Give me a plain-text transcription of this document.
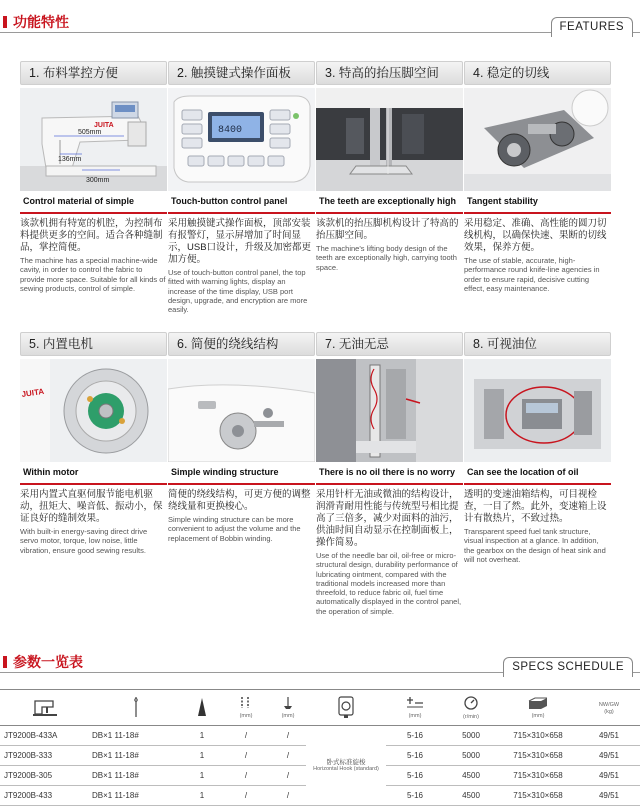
功能特性	FEATURES
1. 布料掌控方便
505mm
136mm
300mm
JUITA
Control material of simple
该款机拥有特宽的机腔，为控制布料提供更多的空间。适合各种缝制品，掌控简便。
The machine has a special machine-wide cavity, in order to control the fabric to provide more space. Suitable for all kinds of sewing products, control of simple.
2. 触摸键式操作面板
8400
Touch-button control panel
采用触摸键式操作面板，顶部安装有报警灯，显示屏增加了时间显示，USB口设计，升级及加密都更加方便。
Use of touch-button control panel, the top fitted with warning lights, display an increase of the time display, USB port design, upgrade, and encryption are more easily.
3. 特高的抬压脚空间
The teeth are exceptionally high
该款机的抬压脚机构设计了特高的抬压脚空间。
The machine's lifting body design of the teeth are exceptionally high, carrying tooth space.
4. 稳定的切线
Tangent stability
采用稳定、准确、高性能的圆刀切线机构，以确保快速、果断的切线效果，保养方便。
The use of stable, accurate, high-performance round knife-line agencies in order to ensure rapid, decisive cutting effect, easy maintenance.
5. 内置电机
JUITA
Within motor
采用内置式直驱伺服节能电机驱动，扭矩大、噪音低、振动小，保证良好的缝制效果。
With built-in energy-saving direct drive servo motor, torque, low noise, little vibration, ensure good sewing results.
6. 简便的绕线结构
Simple winding structure
简便的绕线结构，可更方便的调整绕线量和更换梭心。
Simple winding structure can be more convenient to adjust the volume and the replacement of Bobbin winding.
7. 无油无忌
There is no oil there is no worry
采用针杆无油或微油的结构设计，润滑青耐用性能与传统型号相比提高了三倍多，减少对面料的油污，供油时间自动显示在控制面板上，操作简易。
Use of the needle bar oil, oil-free or micro-structural design, durability performance of lubricating ointment, compared with the traditional models increased more than threefold, to reduce fabric oil, fuel time automatically displayed in the control panel, the operation of simple.
8. 可视油位
Can see the location of oil
透明的变速油箱结构，可目视检查，一目了然。此外，变速箱上设计有散热片，不致过热。
Transparent speed fuel tank structure, visual inspection at a glance. In addition, the gearbox on the design of heat sink and will not overheat.
参数一览表	SPECS SCHEDULE

(mm)	(mm)		(mm)	(r/min)	(mm)	NW/GW
(kg)

JT9200B-433A	DB×1 11-18#	1	/	/	卧式标准旋梭
Horizontal Hook (standard)	5-16	5000	715×310×658	49/51
JT9200B-333	DB×1 11-18#	1	/	/		5-16	5000	715×310×658	49/51
JT9200B-305	DB×1 11-18#	1	/	/		5-16	4500	715×310×658	49/51
JT9200B-433	DB×1 11-18#	1	/	/		5-16	4500	715×310×658	49/51
